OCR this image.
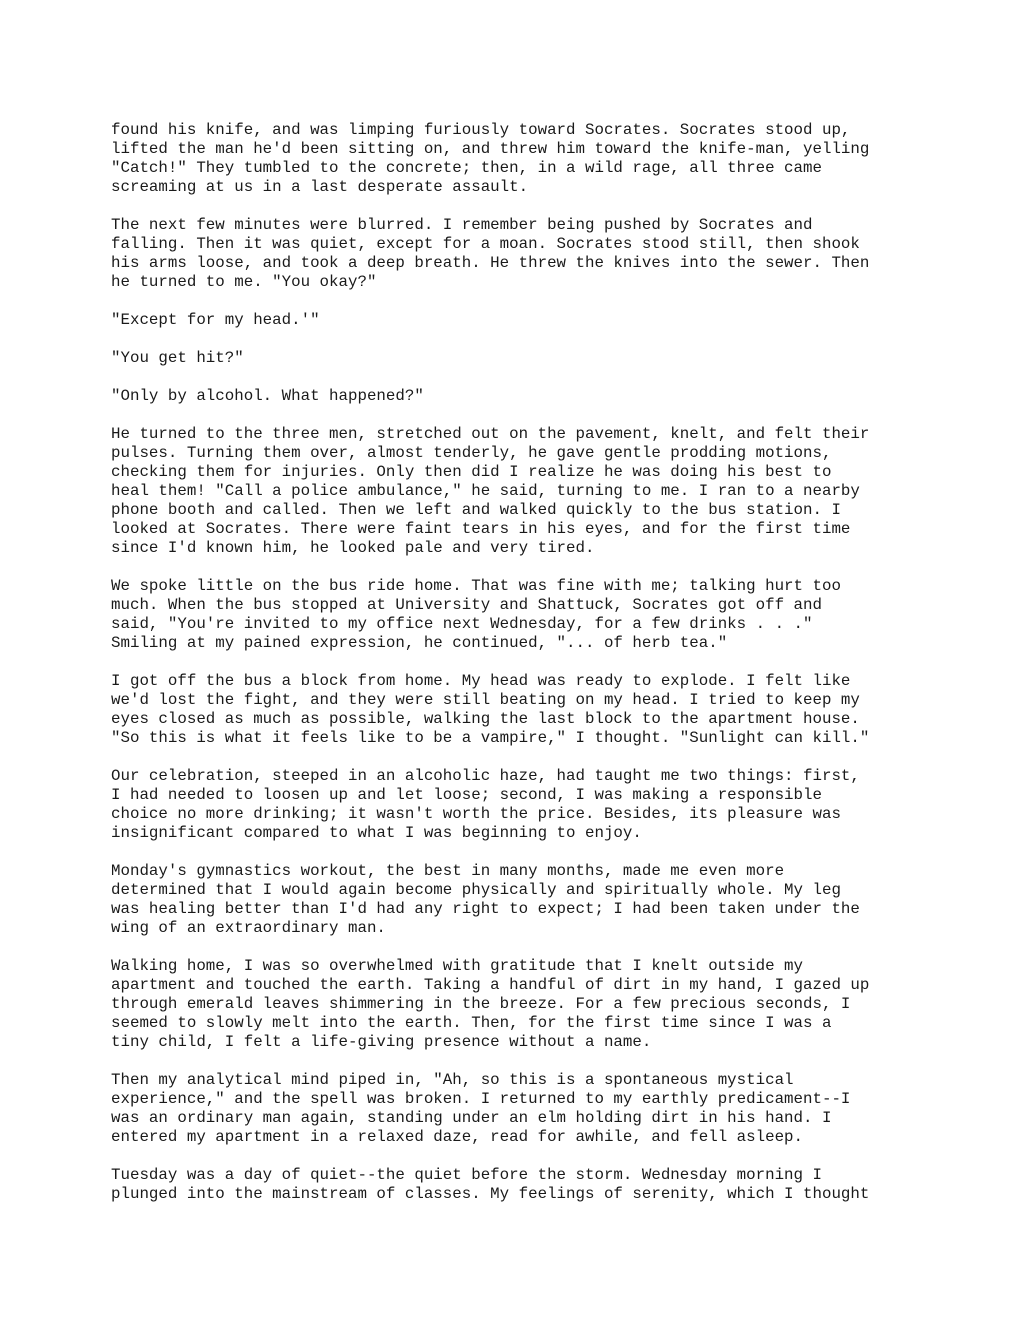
found his knife, and was limping furiously toward Socrates. Socrates stood up,
lifted the man he'd been sitting on, and threw him toward the knife-man, yelling
"Catch!" They tumbled to the concrete; then, in a wild rage, all three came
screaming at us in a last desperate assault.
The next few minutes were blurred. I remember being pushed by Socrates and
falling. Then it was quiet, except for a moan. Socrates stood still, then shook
his arms loose, and took a deep breath. He threw the knives into the sewer. Then
he turned to me. "You okay?"
"Except for my head.'"
"You get hit?"
"Only by alcohol. What happened?"
He turned to the three men, stretched out on the pavement, knelt, and felt their
pulses. Turning them over, almost tenderly, he gave gentle prodding motions,
checking them for injuries. Only then did I realize he was doing his best to
heal them! "Call a police ambulance," he said, turning to me. I ran to a nearby
phone booth and called. Then we left and walked quickly to the bus station. I
looked at Socrates. There were faint tears in his eyes, and for the first time
since I'd known him, he looked pale and very tired.
We spoke little on the bus ride home. That was fine with me; talking hurt too
much. When the bus stopped at University and Shattuck, Socrates got off and
said, "You're invited to my office next Wednesday, for a few drinks . . ."
Smiling at my pained expression, he continued, "... of herb tea."
I got off the bus a block from home. My head was ready to explode. I felt like
we'd lost the fight, and they were still beating on my head. I tried to keep my
eyes closed as much as possible, walking the last block to the apartment house.
"So this is what it feels like to be a vampire," I thought. "Sunlight can kill."
Our celebration, steeped in an alcoholic haze, had taught me two things: first,
I had needed to loosen up and let loose; second, I was making a responsible
choice no more drinking; it wasn't worth the price. Besides, its pleasure was
insignificant compared to what I was beginning to enjoy.
Monday's gymnastics workout, the best in many months, made me even more
determined that I would again become physically and spiritually whole. My leg
was healing better than I'd had any right to expect; I had been taken under the
wing of an extraordinary man.
Walking home, I was so overwhelmed with gratitude that I knelt outside my
apartment and touched the earth. Taking a handful of dirt in my hand, I gazed up
through emerald leaves shimmering in the breeze. For a few precious seconds, I
seemed to slowly melt into the earth. Then, for the first time since I was a
tiny child, I felt a life-giving presence without a name.
Then my analytical mind piped in, "Ah, so this is a spontaneous mystical
experience," and the spell was broken. I returned to my earthly predicament--I
was an ordinary man again, standing under an elm holding dirt in his hand. I
entered my apartment in a relaxed daze, read for awhile, and fell asleep.
Tuesday was a day of quiet--the quiet before the storm. Wednesday morning I
plunged into the mainstream of classes. My feelings of serenity, which I thought
